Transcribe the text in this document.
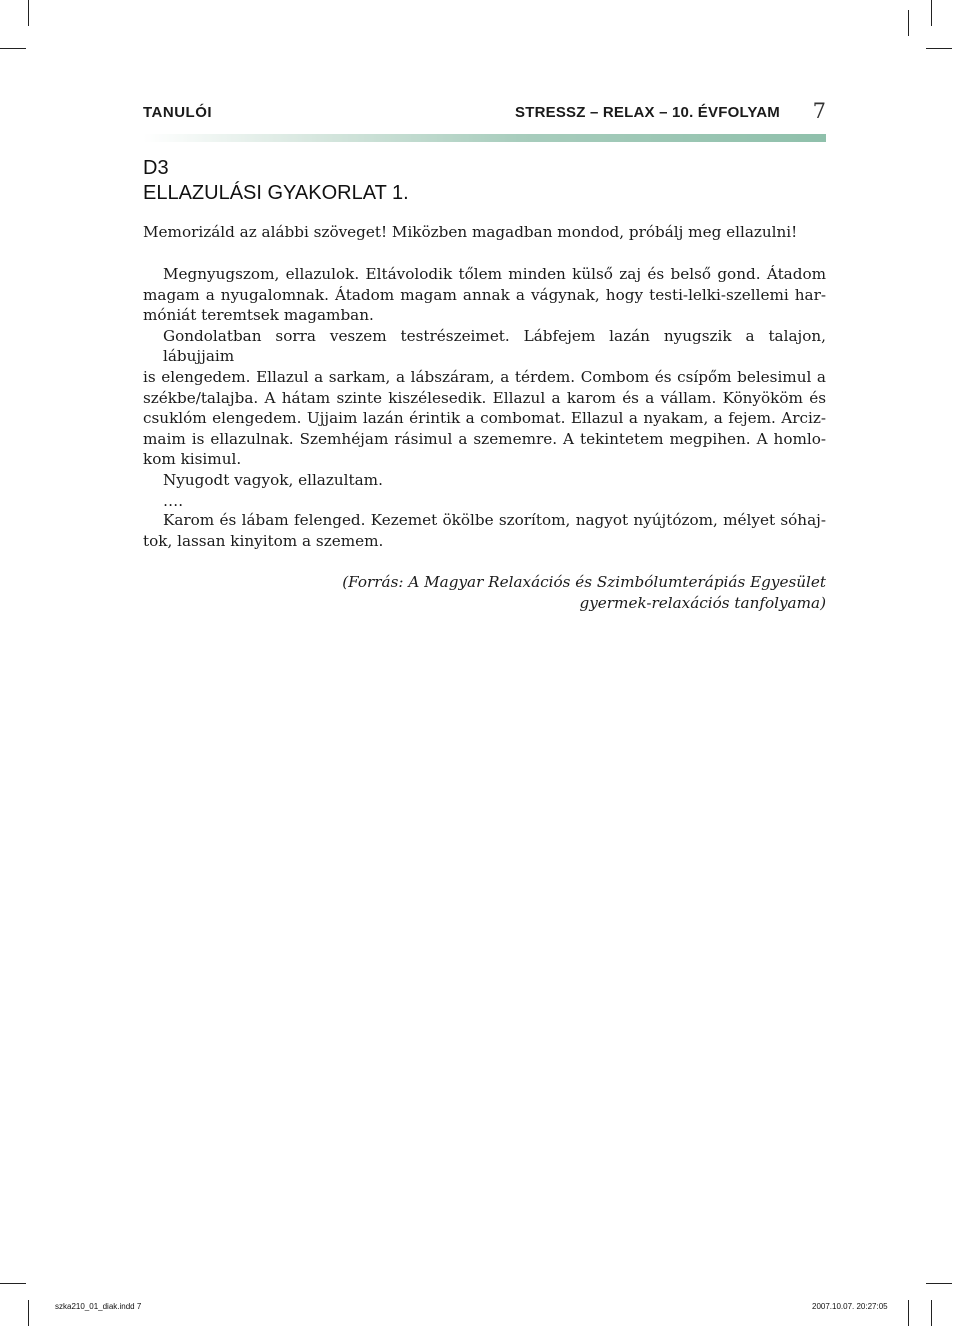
TANULÓI	STRESSZ – RELAX – 10. ÉVFOLYAM 7
D3
ELLAZULÁSI GYAKORLAT 1.
Memorizáld az alábbi szöveget! Miközben magadban mondod, próbálj meg ellazulni!
Megnyugszom, ellazulok. Eltávolodik tőlem minden külső zaj és belső gond. Átadom
magam a nyugalomnak. Átadom magam annak a vágynak, hogy testi-lelki-szellemi har-
móniát teremtsek magamban.
Gondolatban sorra veszem testrészeimet. Lábfejem lazán nyugszik a talajon, lábujjaim
is elengedem. Ellazul a sarkam, a lábszáram, a térdem. Combom és csípőm belesimul a
székbe/talajba. A hátam szinte kiszélesedik. Ellazul a karom és a vállam. Könyököm és
csuklóm elengedem. Ujjaim lazán érintik a combomat. Ellazul a nyakam, a fejem. Arciz-
maim is ellazulnak. Szemhéjam rásimul a szememre. A tekintetem megpihen. A homlo-
kom kisimul.
Nyugodt vagyok, ellazultam.
….
Karom és lábam felenged. Kezemet ökölbe szorítom, nagyot nyújtózom, mélyet sóhaj-
tok, lassan kinyitom a szemem.
(Forrás: A Magyar Relaxációs és Szimbólumterápiás Egyesület
gyermek-relaxációs tanfolyama)
szka210_01_diak.indd 7	2007.10.07. 20:27:05
